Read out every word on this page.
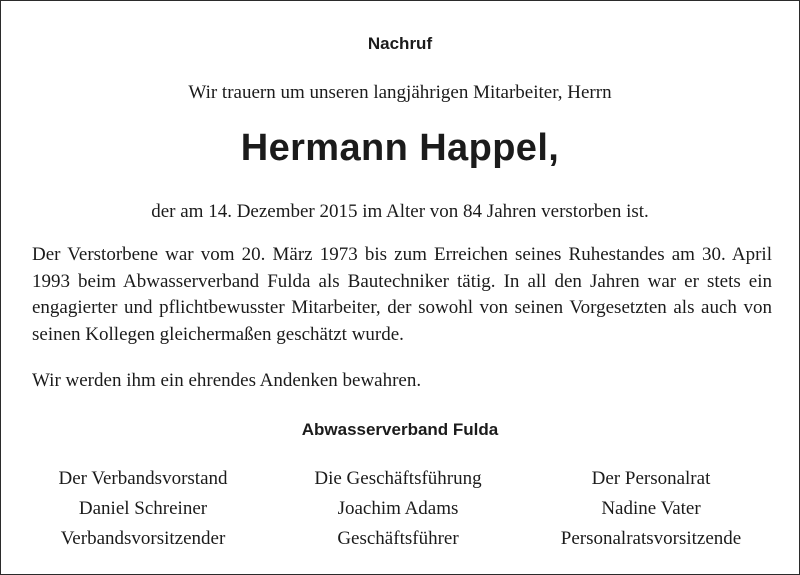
Nachruf

Wir trauern um unseren langjährigen Mitarbeiter, Herrn

Hermann Happel,

der am 14. Dezember 2015 im Alter von 84 Jahren verstorben ist.

Der Verstorbene war vom 20. März 1973 bis zum Erreichen seines Ruhestandes am 30. April 1993 beim Abwasserverband Fulda als Bautechniker tätig. In all den Jahren war er stets ein engagierter und pflichtbewusster Mitarbeiter, der sowohl von seinen Vorgesetzten als auch von seinen Kollegen gleichermaßen geschätzt wurde.

Wir werden ihm ein ehrendes Andenken bewahren.

Abwasserverband Fulda

Der Verbandsvorstand
Daniel Schreiner
Verbandsvorsitzender
Die Geschäftsführung
Joachim Adams
Geschäftsführer
Der Personalrat
Nadine Vater
Personalratsvorsitzende
